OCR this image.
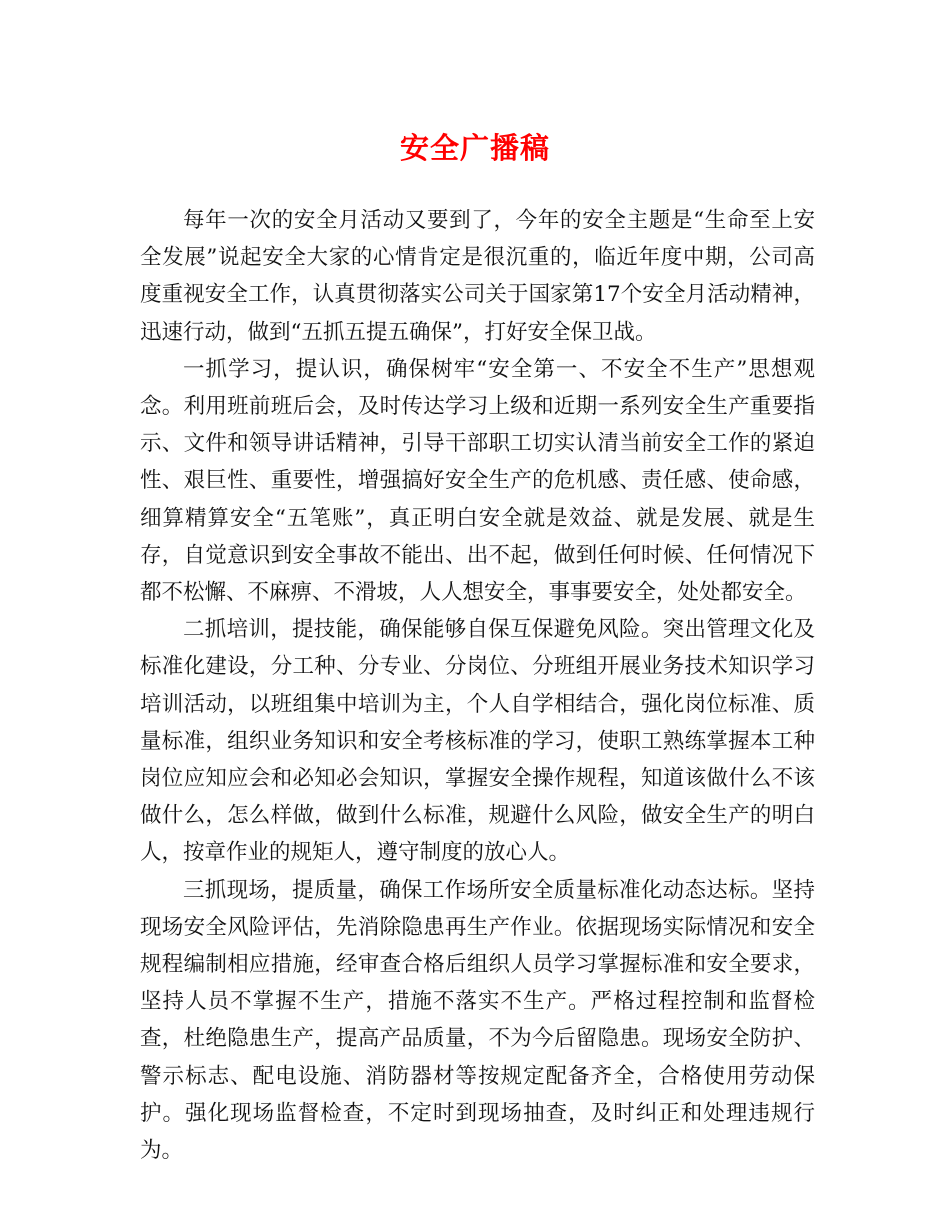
安全广播稿

每年一次的安全月活动又要到了，今年的安全主题是“生命至上安全发展”说起安全大家的心情肯定是很沉重的，临近年度中期，公司高度重视安全工作，认真贯彻落实公司关于国家第17个安全月活动精神，迅速行动，做到“五抓五提五确保”，打好安全保卫战。

一抓学习，提认识，确保树牢“安全第一、不安全不生产”思想观念。利用班前班后会，及时传达学习上级和近期一系列安全生产重要指示、文件和领导讲话精神，引导干部职工切实认清当前安全工作的紧迫性、艰巨性、重要性，增强搞好安全生产的危机感、责任感、使命感，细算精算安全“五笔账”，真正明白安全就是效益、就是发展、就是生存，自觉意识到安全事故不能出、出不起，做到任何时候、任何情况下都不松懈、不麻痹、不滑坡，人人想安全，事事要安全，处处都安全。

二抓培训，提技能，确保能够自保互保避免风险。突出管理文化及标准化建设，分工种、分专业、分岗位、分班组开展业务技术知识学习培训活动，以班组集中培训为主，个人自学相结合，强化岗位标准、质量标准，组织业务知识和安全考核标准的学习，使职工熟练掌握本工种岗位应知应会和必知必会知识，掌握安全操作规程，知道该做什么不该做什么，怎么样做，做到什么标准，规避什么风险，做安全生产的明白人，按章作业的规矩人，遵守制度的放心人。

三抓现场，提质量，确保工作场所安全质量标准化动态达标。坚持现场安全风险评估，先消除隐患再生产作业。依据现场实际情况和安全规程编制相应措施，经审查合格后组织人员学习掌握标准和安全要求，坚持人员不掌握不生产，措施不落实不生产。严格过程控制和监督检查，杜绝隐患生产，提高产品质量，不为今后留隐患。现场安全防护、警示标志、配电设施、消防器材等按规定配备齐全，合格使用劳动保护。强化现场监督检查，不定时到现场抽查，及时纠正和处理违规行为。
